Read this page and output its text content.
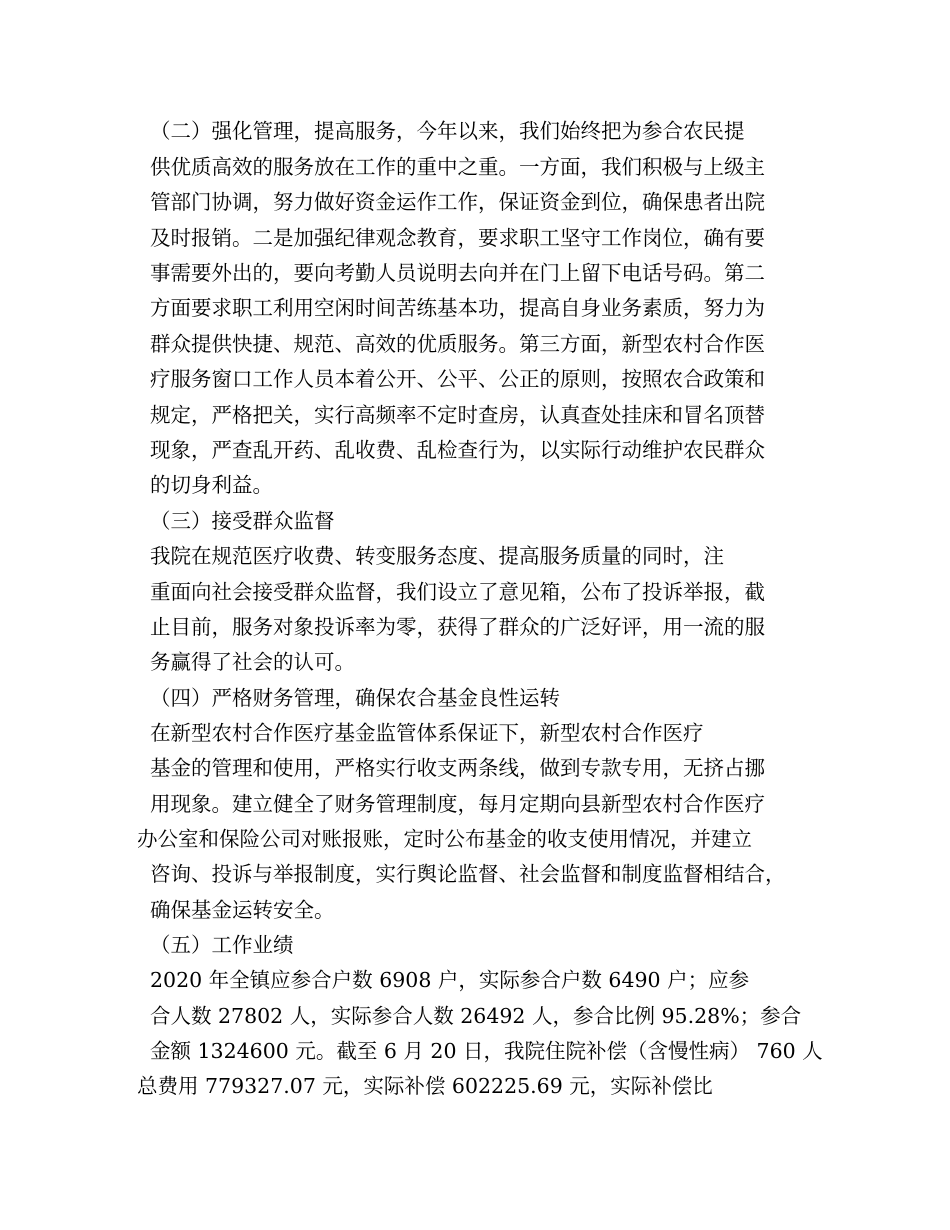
（二）强化管理，提高服务，今年以来，我们始终把为参合农民提
供优质高效的服务放在工作的重中之重。一方面，我们积极与上级主
管部门协调，努力做好资金运作工作，保证资金到位，确保患者出院
及时报销。二是加强纪律观念教育，要求职工坚守工作岗位，确有要
事需要外出的，要向考勤人员说明去向并在门上留下电话号码。第二
方面要求职工利用空闲时间苦练基本功，提高自身业务素质，努力为
群众提供快捷、规范、高效的优质服务。第三方面，新型农村合作医
疗服务窗口工作人员本着公开、公平、公正的原则，按照农合政策和
规定，严格把关，实行高频率不定时查房，认真查处挂床和冒名顶替
现象，严查乱开药、乱收费、乱检查行为，以实际行动维护农民群众
的切身利益。
（三）接受群众监督
我院在规范医疗收费、转变服务态度、提高服务质量的同时，注
重面向社会接受群众监督，我们设立了意见箱，公布了投诉举报，截
止目前，服务对象投诉率为零，获得了群众的广泛好评，用一流的服
务赢得了社会的认可。
（四）严格财务管理，确保农合基金良性运转
在新型农村合作医疗基金监管体系保证下，新型农村合作医疗
基金的管理和使用，严格实行收支两条线，做到专款专用，无挤占挪
用现象。建立健全了财务管理制度，每月定期向县新型农村合作医疗
办公室和保险公司对账报账，定时公布基金的收支使用情况，并建立
咨询、投诉与举报制度，实行舆论监督、社会监督和制度监督相结合，
确保基金运转安全。
（五）工作业绩
2020 年全镇应参合户数 6908 户，实际参合户数 6490 户；应参
合人数 27802 人，实际参合人数 26492 人，参合比例 95.28%；参合
金额 1324600 元。截至 6 月 20 日，我院住院补偿（含慢性病） 760 人
总费用 779327.07 元，实际补偿 602225.69 元，实际补偿比
